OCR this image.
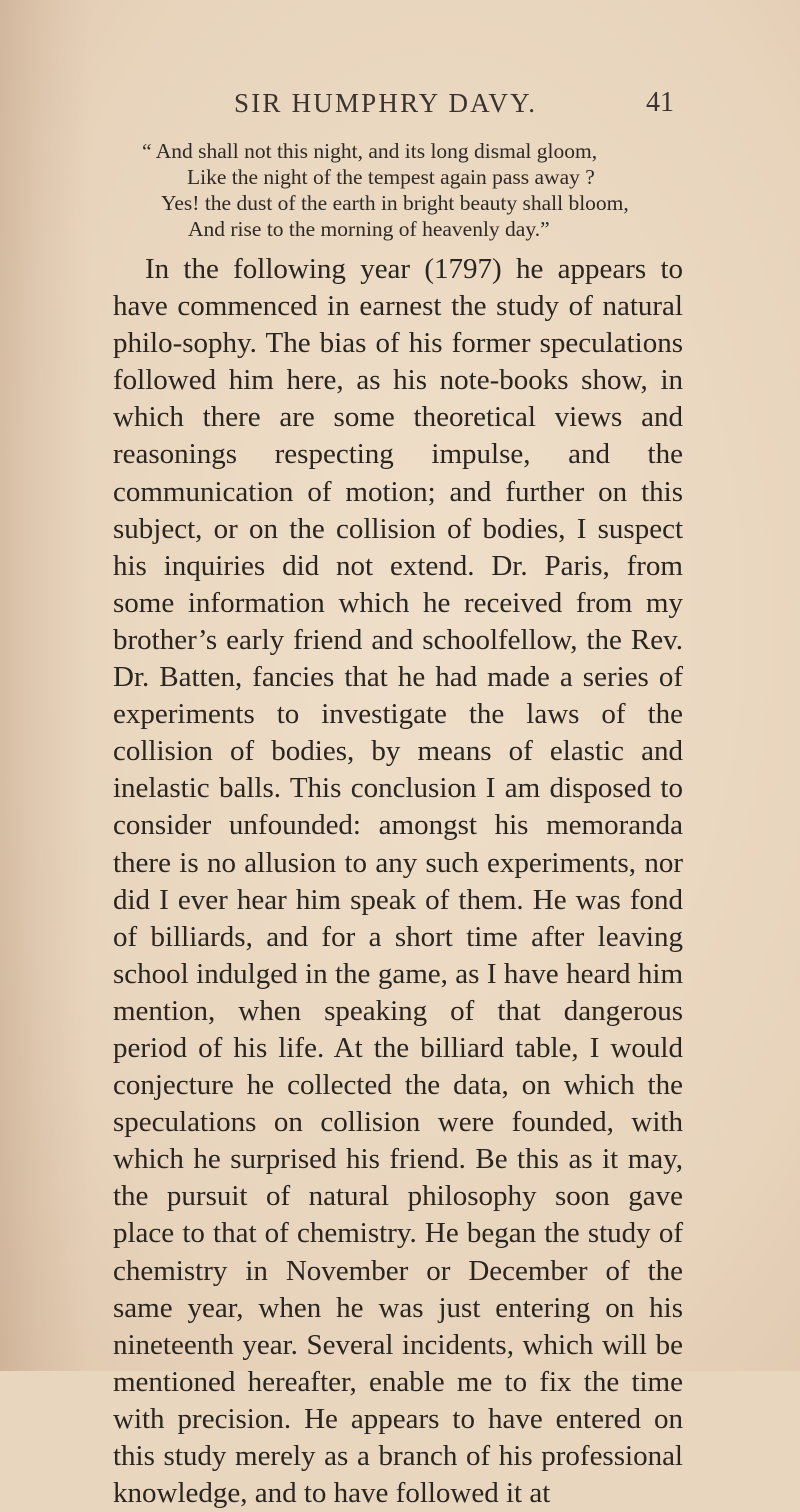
SIR HUMPHRY DAVY.	41
“ And shall not this night, and its long dismal gloom,
Like the night of the tempest again pass away ?
Yes! the dust of the earth in bright beauty shall bloom,
And rise to the morning of heavenly day.”

In the following year (1797) he appears to have commenced in earnest the study of natural philo-sophy. The bias of his former speculations followed him here, as his note-books show, in which there are some theoretical views and reasonings respecting impulse, and the communication of motion; and further on this subject, or on the collision of bodies, I suspect his inquiries did not extend. Dr. Paris, from some information which he received from my brother’s early friend and schoolfellow, the Rev. Dr. Batten, fancies that he had made a series of experiments to investigate the laws of the collision of bodies, by means of elastic and inelastic balls. This conclusion I am disposed to consider unfounded: amongst his memoranda there is no allusion to any such experiments, nor did I ever hear him speak of them. He was fond of billiards, and for a short time after leaving school indulged in the game, as I have heard him mention, when speaking of that dangerous period of his life. At the billiard table, I would conjecture he collected the data, on which the speculations on collision were founded, with which he surprised his friend. Be this as it may, the pursuit of natural philosophy soon gave place to that of chemistry. He began the study of chemistry in November or December of the same year, when he was just entering on his nineteenth year. Several incidents, which will be mentioned hereafter, enable me to fix the time with precision. He appears to have entered on this study merely as a branch of his professional knowledge, and to have followed it at
